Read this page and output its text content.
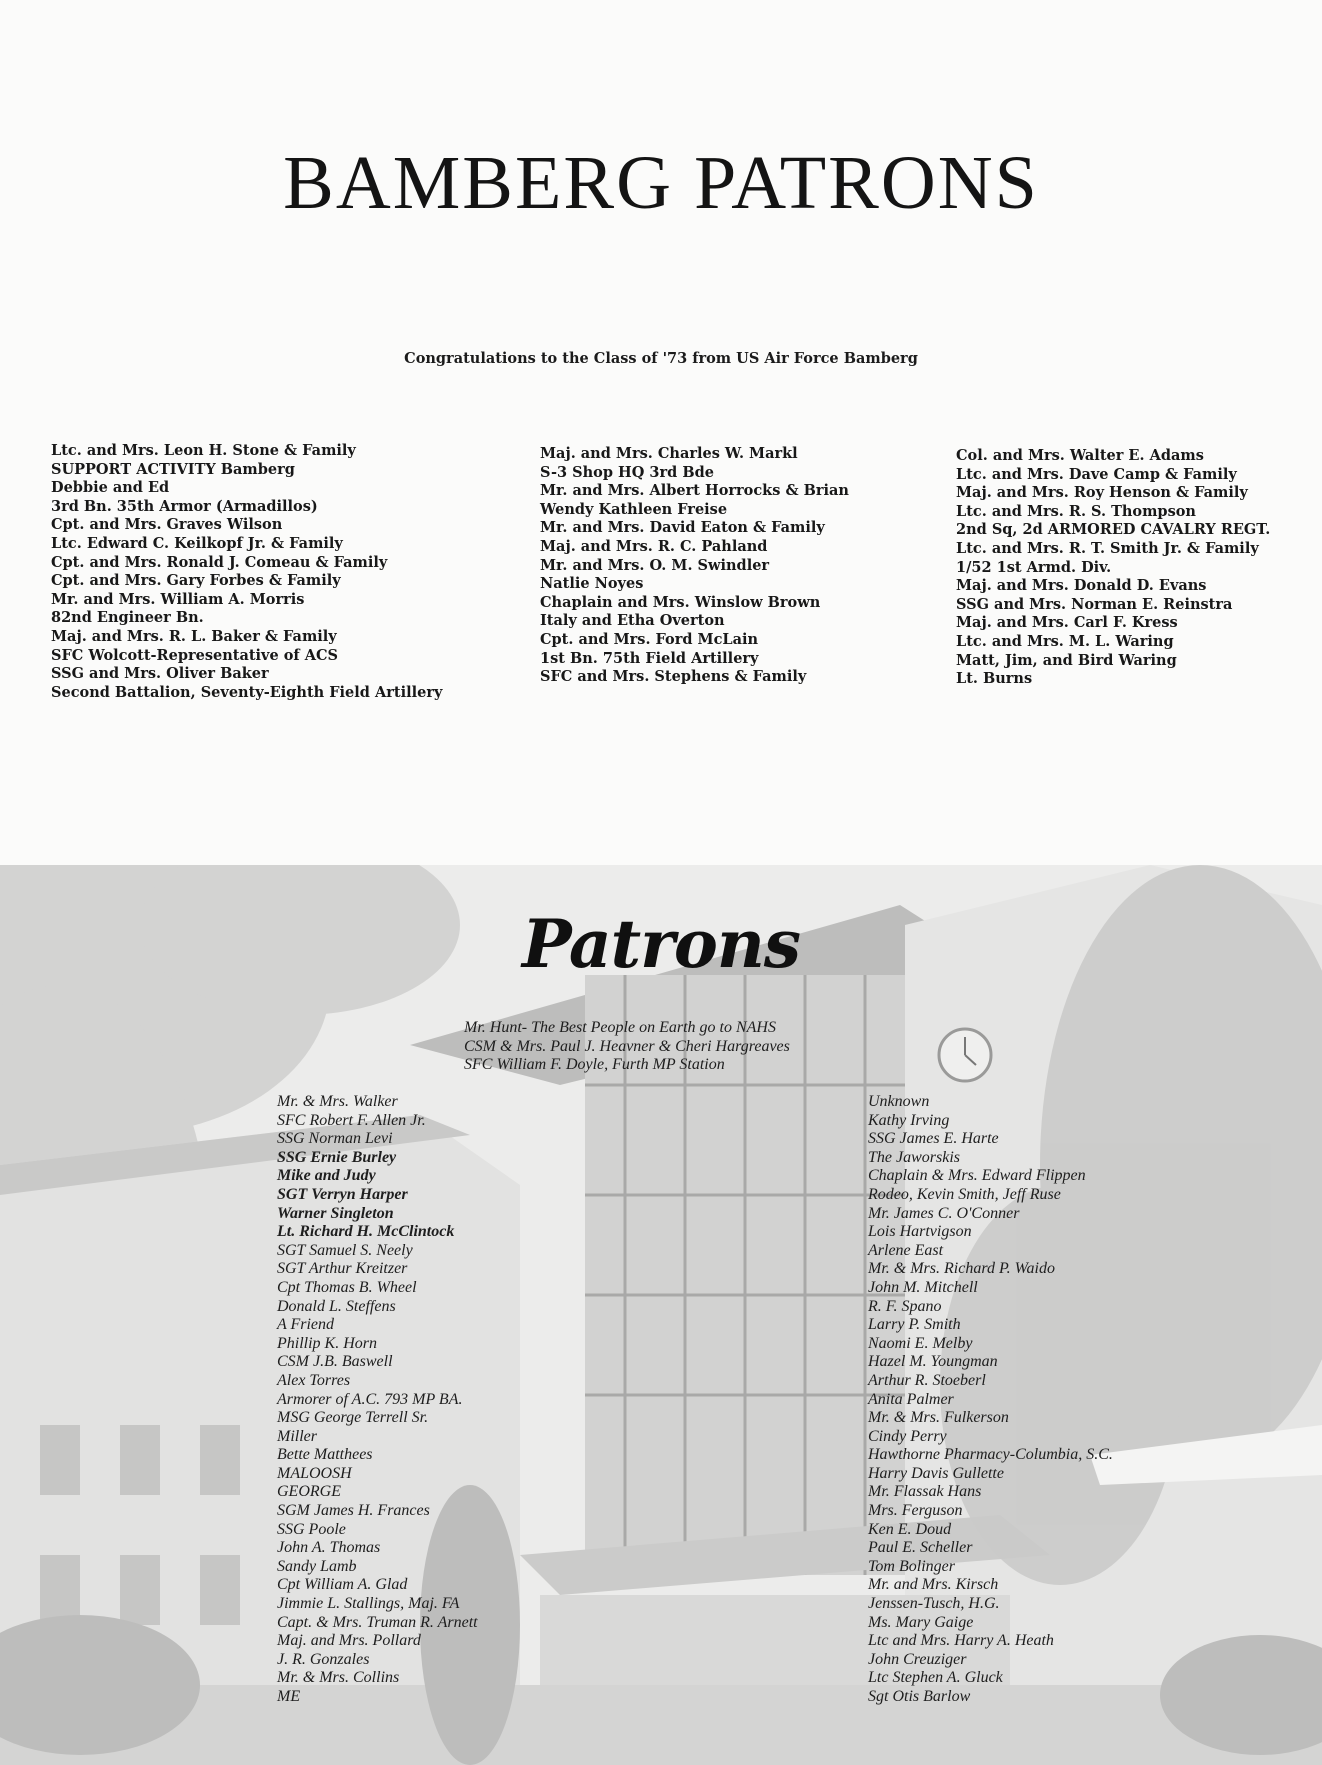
BAMBERG PATRONS
Congratulations to the Class of '73 from US Air Force Bamberg
Ltc. and Mrs. Leon H. Stone & Family
SUPPORT ACTIVITY Bamberg
Debbie and Ed
3rd Bn. 35th Armor (Armadillos)
Cpt. and Mrs. Graves Wilson
Ltc. Edward C. Keilkopf Jr. & Family
Cpt. and Mrs. Ronald J. Comeau & Family
Cpt. and Mrs. Gary Forbes & Family
Mr. and Mrs. William A. Morris
82nd Engineer Bn.
Maj. and Mrs. R. L. Baker & Family
SFC Wolcott-Representative of ACS
SSG and Mrs. Oliver Baker
Second Battalion, Seventy-Eighth Field Artillery
Maj. and Mrs. Charles W. Markl
S-3 Shop HQ 3rd Bde
Mr. and Mrs. Albert Horrocks & Brian
Wendy Kathleen Freise
Mr. and Mrs. David Eaton & Family
Maj. and Mrs. R. C. Pahland
Mr. and Mrs. O. M. Swindler
Natlie Noyes
Chaplain and Mrs. Winslow Brown
Italy and Etha Overton
Cpt. and Mrs. Ford McLain
1st Bn. 75th Field Artillery
SFC and Mrs. Stephens & Family
Col. and Mrs. Walter E. Adams
Ltc. and Mrs. Dave Camp & Family
Maj. and Mrs. Roy Henson & Family
Ltc. and Mrs. R. S. Thompson
2nd Sq, 2d ARMORED CAVALRY REGT.
Ltc. and Mrs. R. T. Smith Jr. & Family
1/52 1st Armd. Div.
Maj. and Mrs. Donald D. Evans
SSG and Mrs. Norman E. Reinstra
Maj. and Mrs. Carl F. Kress
Ltc. and Mrs. M. L. Waring
Matt, Jim, and Bird Waring
Lt. Burns
Patrons
Mr. Hunt- The Best People on Earth go to NAHS
CSM & Mrs. Paul J. Heavner & Cheri Hargreaves
SFC William F. Doyle, Furth MP Station
Mr. & Mrs. Walker
SFC Robert F. Allen Jr.
SSG Norman Levi
SSG Ernie Burley
Mike and Judy
SGT Verryn Harper
Warner Singleton
Lt. Richard H. McClintock
SGT Samuel S. Neely
SGT Arthur Kreitzer
Cpt Thomas B. Wheel
Donald L. Steffens
A Friend
Phillip K. Horn
CSM J.B. Baswell
Alex Torres
Armorer of A.C. 793 MP BA.
MSG George Terrell Sr.
Miller
Bette Matthees
MALOOSH
GEORGE
SGM James H. Frances
SSG Poole
John A. Thomas
Sandy Lamb
Cpt William A. Glad
Jimmie L. Stallings, Maj. FA
Capt. & Mrs. Truman R. Arnett
Maj. and Mrs. Pollard
J. R. Gonzales
Mr. & Mrs. Collins
ME
Unknown
Kathy Irving
SSG James E. Harte
The Jaworskis
Chaplain & Mrs. Edward Flippen
Rodeo, Kevin Smith, Jeff Ruse
Mr. James C. O'Conner
Lois Hartvigson
Arlene East
Mr. & Mrs. Richard P. Waido
John M. Mitchell
R. F. Spano
Larry P. Smith
Naomi E. Melby
Hazel M. Youngman
Arthur R. Stoeberl
Anita Palmer
Mr. & Mrs. Fulkerson
Cindy Perry
Hawthorne Pharmacy-Columbia, S.C.
Harry Davis Gullette
Mr. Flassak Hans
Mrs. Ferguson
Ken E. Doud
Paul E. Scheller
Tom Bolinger
Mr. and Mrs. Kirsch
Jenssen-Tusch, H.G.
Ms. Mary Gaige
Ltc and Mrs. Harry A. Heath
John Creuziger
Ltc Stephen A. Gluck
Sgt Otis Barlow
